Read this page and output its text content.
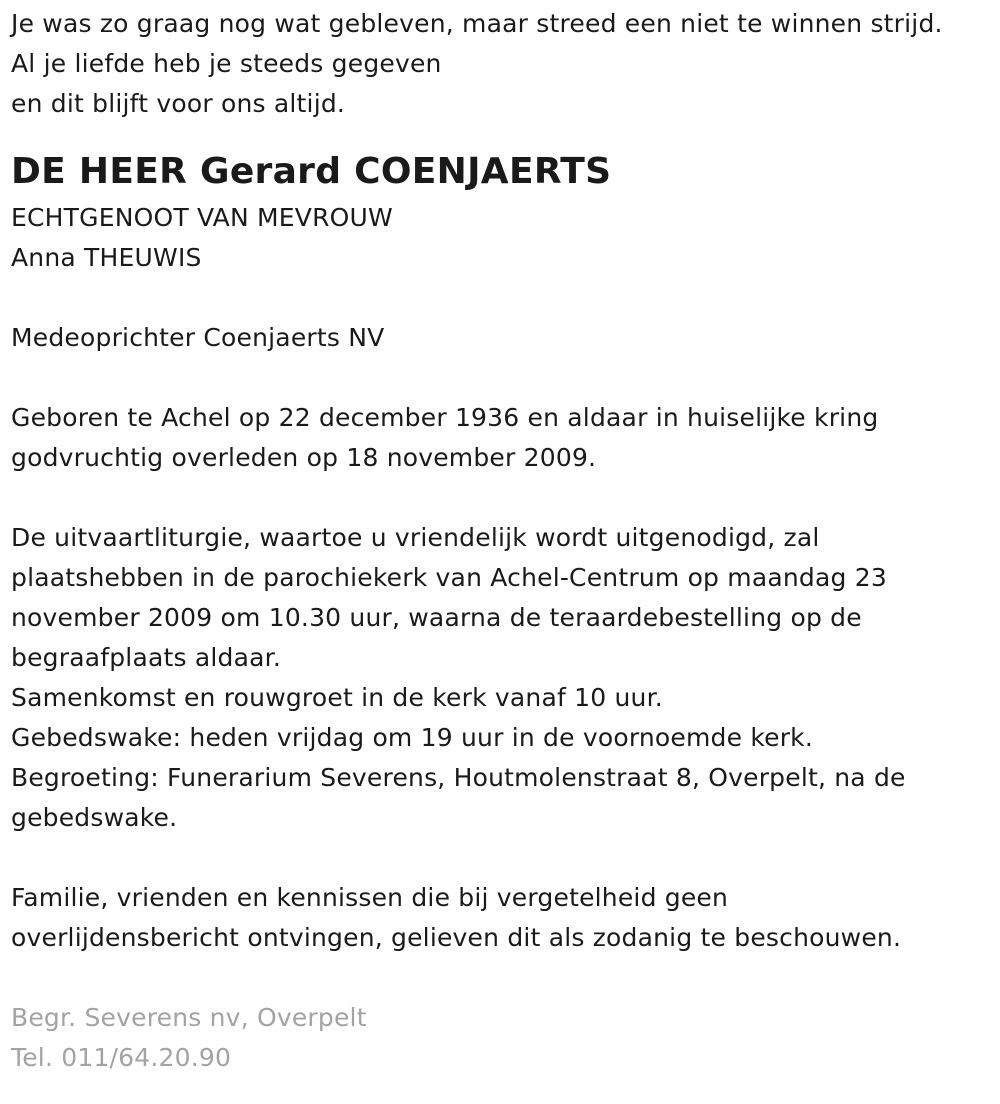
Je was zo graag nog wat gebleven, maar streed een niet te winnen strijd.
Al je liefde heb je steeds gegeven
en dit blijft voor ons altijd.
DE HEER Gerard COENJAERTS
ECHTGENOOT VAN MEVROUW
Anna THEUWIS
Medeoprichter Coenjaerts NV
Geboren te Achel op 22 december 1936 en aldaar in huiselijke kring
godvruchtig overleden op 18 november 2009.
De uitvaartliturgie, waartoe u vriendelijk wordt uitgenodigd, zal
plaatshebben in de parochiekerk van Achel-Centrum op maandag 23
november 2009 om 10.30 uur, waarna de teraardebestelling op de
begraafplaats aldaar.
Samenkomst en rouwgroet in de kerk vanaf 10 uur.
Gebedswake: heden vrijdag om 19 uur in de voornoemde kerk.
Begroeting: Funerarium Severens, Houtmolenstraat 8, Overpelt, na de
gebedswake.
Familie, vrienden en kennissen die bij vergetelheid geen
overlijdensbericht ontvingen, gelieven dit als zodanig te beschouwen.
Begr. Severens nv, Overpelt
Tel. 011/64.20.90
